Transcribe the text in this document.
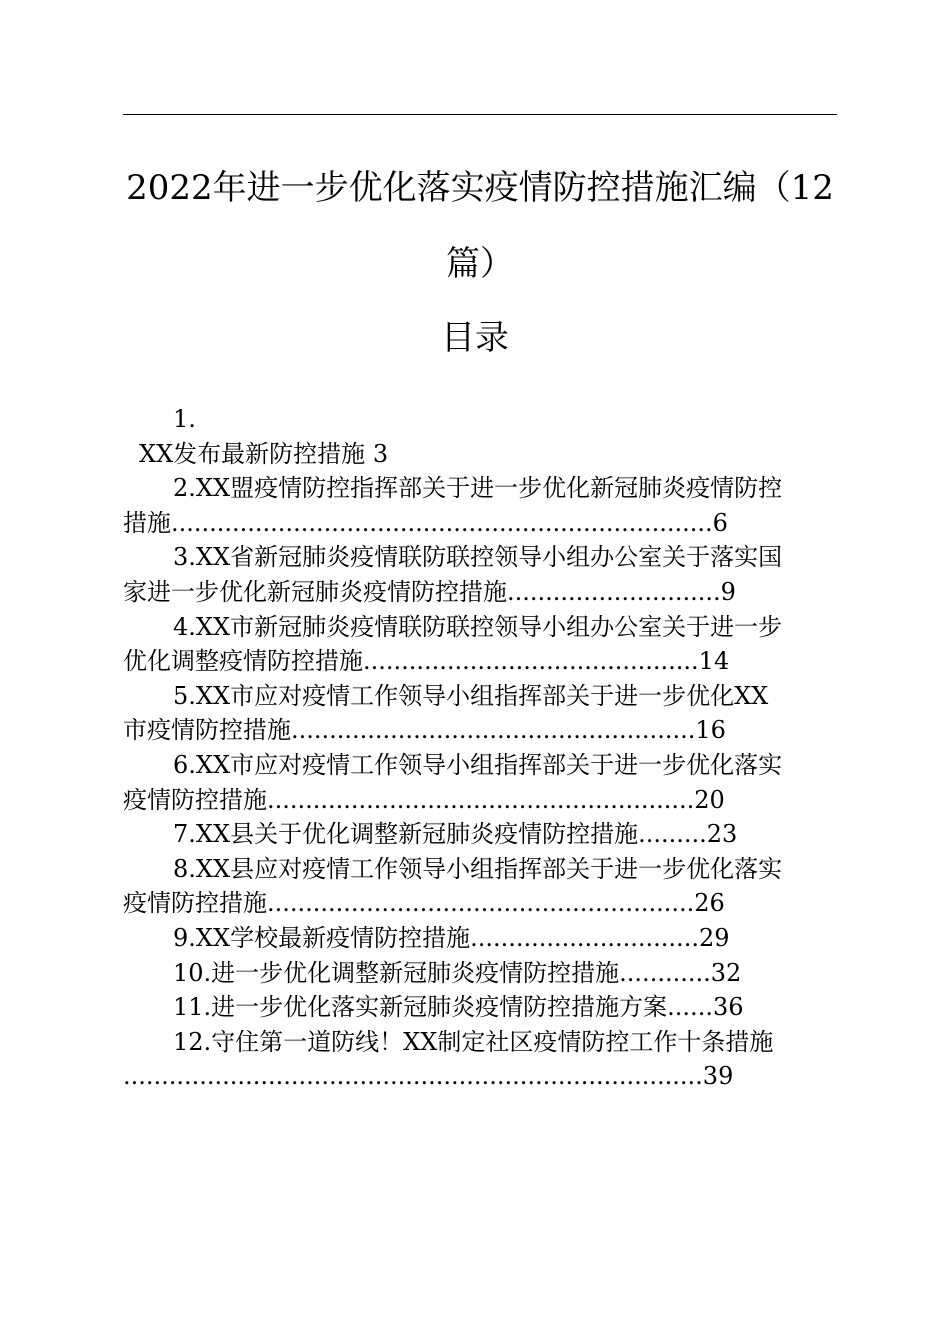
2022年进一步优化落实疫情防控措施汇编（12篇）
目录
1.
XX发布最新防控措施 3
2.XX盟疫情防控指挥部关于进一步优化新冠肺炎疫情防控
措施.......................................................................6
3.XX省新冠肺炎疫情联防联控领导小组办公室关于落实国
家进一步优化新冠肺炎疫情防控措施............................9
4.XX市新冠肺炎疫情联防联控领导小组办公室关于进一步
优化调整疫情防控措施............................................14
5.XX市应对疫情工作领导小组指挥部关于进一步优化XX
市疫情防控措施.....................................................16
6.XX市应对疫情工作领导小组指挥部关于进一步优化落实
疫情防控措施........................................................20
7.XX县关于优化调整新冠肺炎疫情防控措施.........23
8.XX县应对疫情工作领导小组指挥部关于进一步优化落实
疫情防控措施........................................................26
9.XX学校最新疫情防控措施..............................29
10.进一步优化调整新冠肺炎疫情防控措施............32
11.进一步优化落实新冠肺炎疫情防控措施方案......36
12.守住第一道防线！XX制定社区疫情防控工作十条措施
............................................................................39
